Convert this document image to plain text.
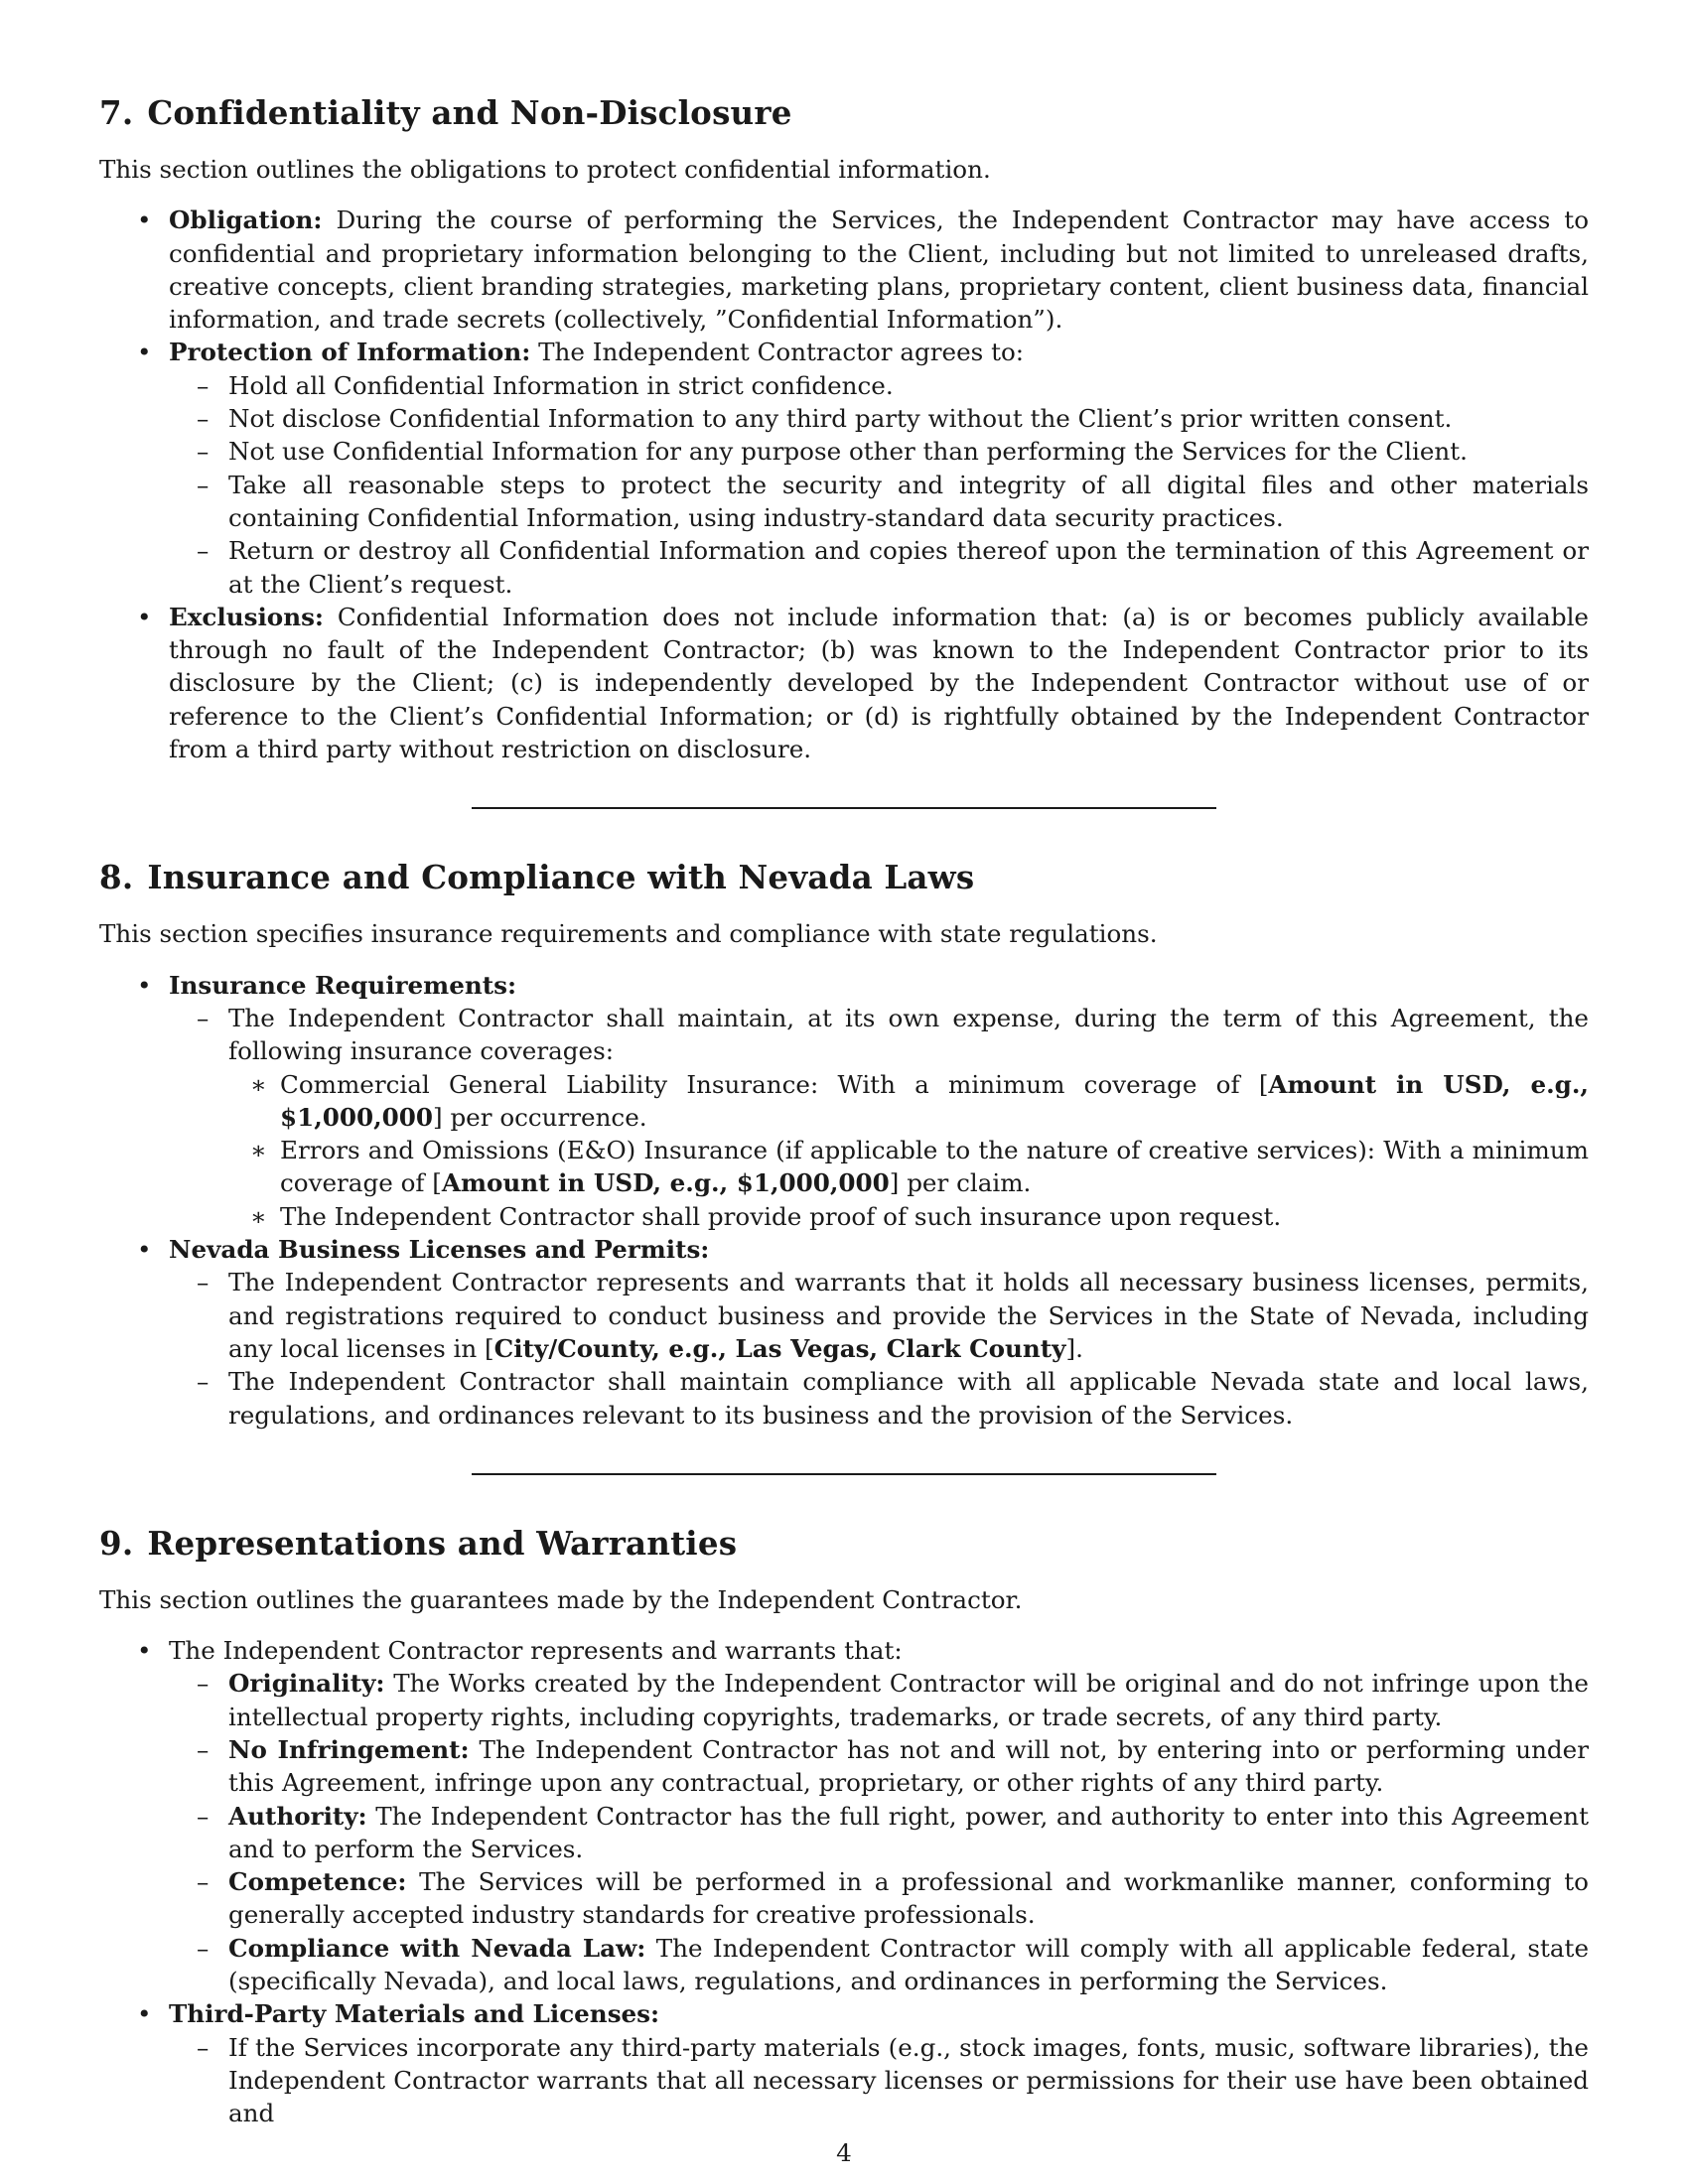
7. Confidentiality and Non-Disclosure

This section outlines the obligations to protect confidential information.

• Obligation: During the course of performing the Services, the Independent Contractor may have access to confidential and proprietary information belonging to the Client, including but not limited to unreleased drafts, creative concepts, client branding strategies, marketing plans, proprietary content, client business data, financial information, and trade secrets (collectively, ”Confidential Information”).
• Protection of Information: The Independent Contractor agrees to:
– Hold all Confidential Information in strict confidence.
– Not disclose Confidential Information to any third party without the Client’s prior written consent.
– Not use Confidential Information for any purpose other than performing the Services for the Client.
– Take all reasonable steps to protect the security and integrity of all digital files and other materials containing Confidential Information, using industry-standard data security practices.
– Return or destroy all Confidential Information and copies thereof upon the termination of this Agreement or at the Client’s request.
• Exclusions: Confidential Information does not include information that: (a) is or becomes publicly available through no fault of the Independent Contractor; (b) was known to the Independent Contractor prior to its disclosure by the Client; (c) is independently developed by the Independent Contractor without use of or reference to the Client’s Confidential Information; or (d) is rightfully obtained by the Independent Contractor from a third party without restriction on disclosure.
8. Insurance and Compliance with Nevada Laws

This section specifies insurance requirements and compliance with state regulations.

• Insurance Requirements:
– The Independent Contractor shall maintain, at its own expense, during the term of this Agreement, the following insurance coverages:
∗ Commercial General Liability Insurance: With a minimum coverage of [Amount in USD, e.g., $1,000,000] per occurrence.
∗ Errors and Omissions (E&O) Insurance (if applicable to the nature of creative services): With a minimum coverage of [Amount in USD, e.g., $1,000,000] per claim.
∗ The Independent Contractor shall provide proof of such insurance upon request.
• Nevada Business Licenses and Permits:
– The Independent Contractor represents and warrants that it holds all necessary business licenses, permits, and registrations required to conduct business and provide the Services in the State of Nevada, including any local licenses in [City/County, e.g., Las Vegas, Clark County].
– The Independent Contractor shall maintain compliance with all applicable Nevada state and local laws, regulations, and ordinances relevant to its business and the provision of the Services.
9. Representations and Warranties

This section outlines the guarantees made by the Independent Contractor.

• The Independent Contractor represents and warrants that:
– Originality: The Works created by the Independent Contractor will be original and do not infringe upon the intellectual property rights, including copyrights, trademarks, or trade secrets, of any third party.
– No Infringement: The Independent Contractor has not and will not, by entering into or performing under this Agreement, infringe upon any contractual, proprietary, or other rights of any third party.
– Authority: The Independent Contractor has the full right, power, and authority to enter into this Agreement and to perform the Services.
– Competence: The Services will be performed in a professional and workmanlike manner, conforming to generally accepted industry standards for creative professionals.
– Compliance with Nevada Law: The Independent Contractor will comply with all applicable federal, state (specifically Nevada), and local laws, regulations, and ordinances in performing the Services.
• Third-Party Materials and Licenses:
– If the Services incorporate any third-party materials (e.g., stock images, fonts, music, software libraries), the Independent Contractor warrants that all necessary licenses or permissions for their use have been obtained and
4
